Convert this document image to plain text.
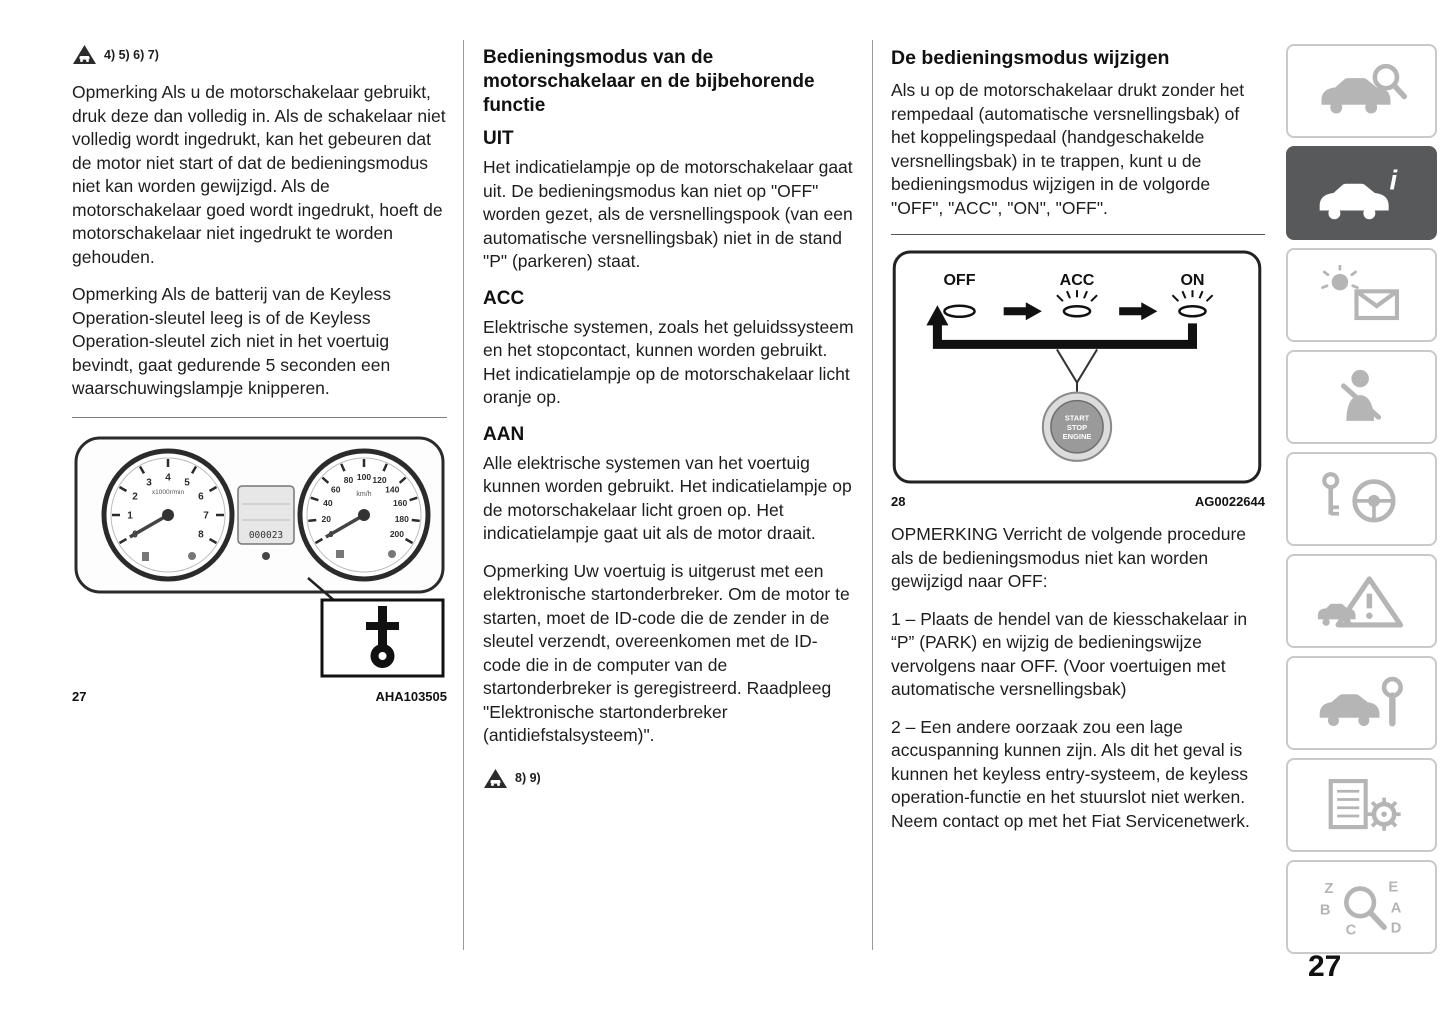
4) 5) 6) 7)

Opmerking Als u de motorschakelaar gebruikt, druk deze dan volledig in. Als de schakelaar niet volledig wordt ingedrukt, kan het gebeuren dat de motor niet start of dat de bedieningsmodus niet kan worden gewijzigd. Als de motorschakelaar goed wordt ingedrukt, hoeft de motorschakelaar niet ingedrukt te worden gehouden.

Opmerking Als de batterij van de Keyless Operation-sleutel leeg is of de Keyless Operation-sleutel zich niet in het voertuig bevindt, gaat gedurende 5 seconden een waarschuwingslampje knipperen.

x1000r/min
1
2
3 4 5
6
7
8
km/h
20
40
60
80 100 120
140
160
180
200
000023
27	AHA103505
Bedieningsmodus van de motorschakelaar en de bijbehorende functie
UIT

Het indicatielampje op de motorschakelaar gaat uit. De bedieningsmodus kan niet op "OFF" worden gezet, als de versnellingspook (van een automatische versnellingsbak) niet in de stand "P" (parkeren) staat.

ACC

Elektrische systemen, zoals het geluidssysteem en het stopcontact, kunnen worden gebruikt. Het indicatielampje op de motorschakelaar licht oranje op.

AAN

Alle elektrische systemen van het voertuig kunnen worden gebruikt. Het indicatielampje op de motorschakelaar licht groen op. Het indicatielampje gaat uit als de motor draait.

Opmerking Uw voertuig is uitgerust met een elektronische startonderbreker. Om de motor te starten, moet de ID-code die de zender in de sleutel verzendt, overeenkomen met de ID-code die in de computer van de startonderbreker is geregistreerd. Raadpleeg "Elektronische startonderbreker (antidiefstalsysteem)".

8) 9)
De bedieningsmodus wijzigen

Als u op de motorschakelaar drukt zonder het rempedaal (automatische versnellingsbak) of het koppelingspedaal (handgeschakelde versnellingsbak) in te trappen, kunt u de bedieningsmodus wijzigen in de volgorde "OFF", "ACC", "ON", "OFF".

OFF	ACC	ON
START
STOP
ENGINE
28	AG0022644

OPMERKING Verricht de volgende procedure als de bedieningsmodus niet kan worden gewijzigd naar OFF:

1 – Plaats de hendel van de kiesschakelaar in “P” (PARK) en wijzig de bedieningswijze vervolgens naar OFF. (Voor voertuigen met automatische versnellingsbak)

2 – Een andere oorzaak zou een lage accuspanning kunnen zijn. Als dit het geval is kunnen het keyless entry-systeem, de keyless operation-functie en het stuurslot niet werken. Neem contact op met het Fiat Servicenetwerk.

i
Z	E
B	A
C D
27
